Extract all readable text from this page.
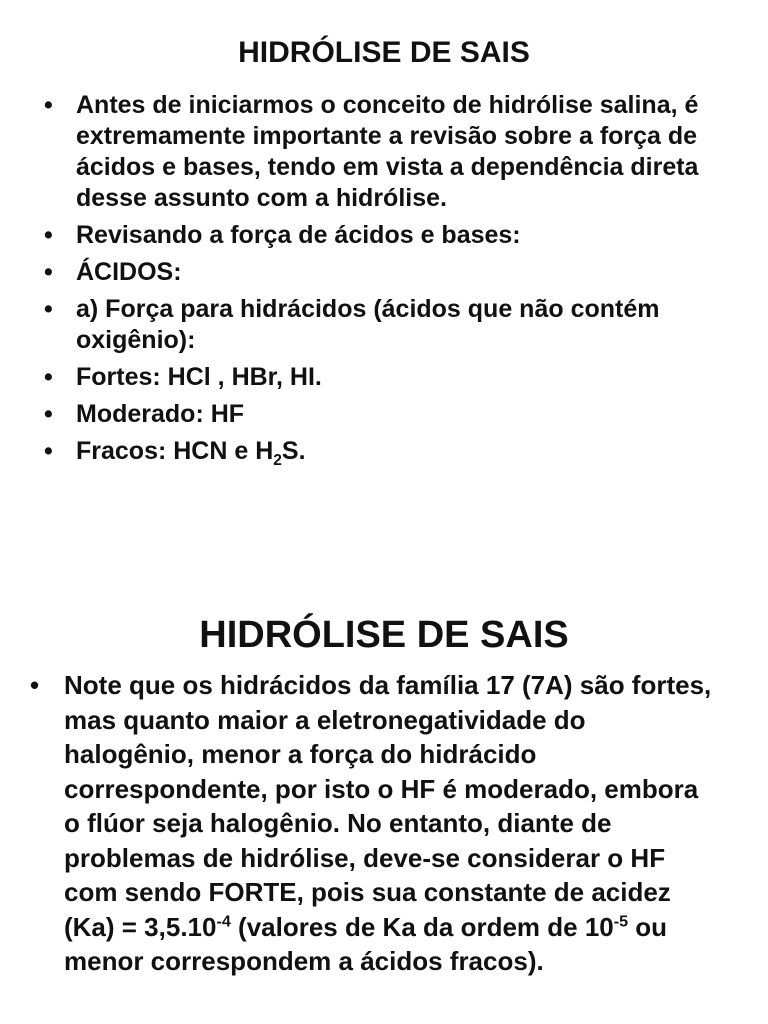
HIDRÓLISE DE SAIS
• Antes de iniciarmos o conceito de hidrólise salina, é extremamente importante a revisão sobre a força de ácidos e bases, tendo em vista a dependência direta desse assunto com a hidrólise.
• Revisando a força de ácidos e bases:
• ÁCIDOS:
• a) Força para hidrácidos (ácidos que não contém oxigênio):
• Fortes: HCl , HBr, HI.
• Moderado: HF
• Fracos: HCN e $H_2S$.
HIDRÓLISE DE SAIS
• Note que os hidrácidos da família 17 (7A) são fortes, mas quanto maior a eletronegatividade do halogênio, menor a força do hidrácido correspondente, por isto o HF é moderado, embora o flúor seja halogênio. No entanto, diante de problemas de hidrólise, deve-se considerar o HF com sendo FORTE, pois sua constante de acidez $(Ka) = 3,5.10^{-4}$ (valores de Ka da ordem de $10^{-5}$ ou menor correspondem a ácidos fracos).
